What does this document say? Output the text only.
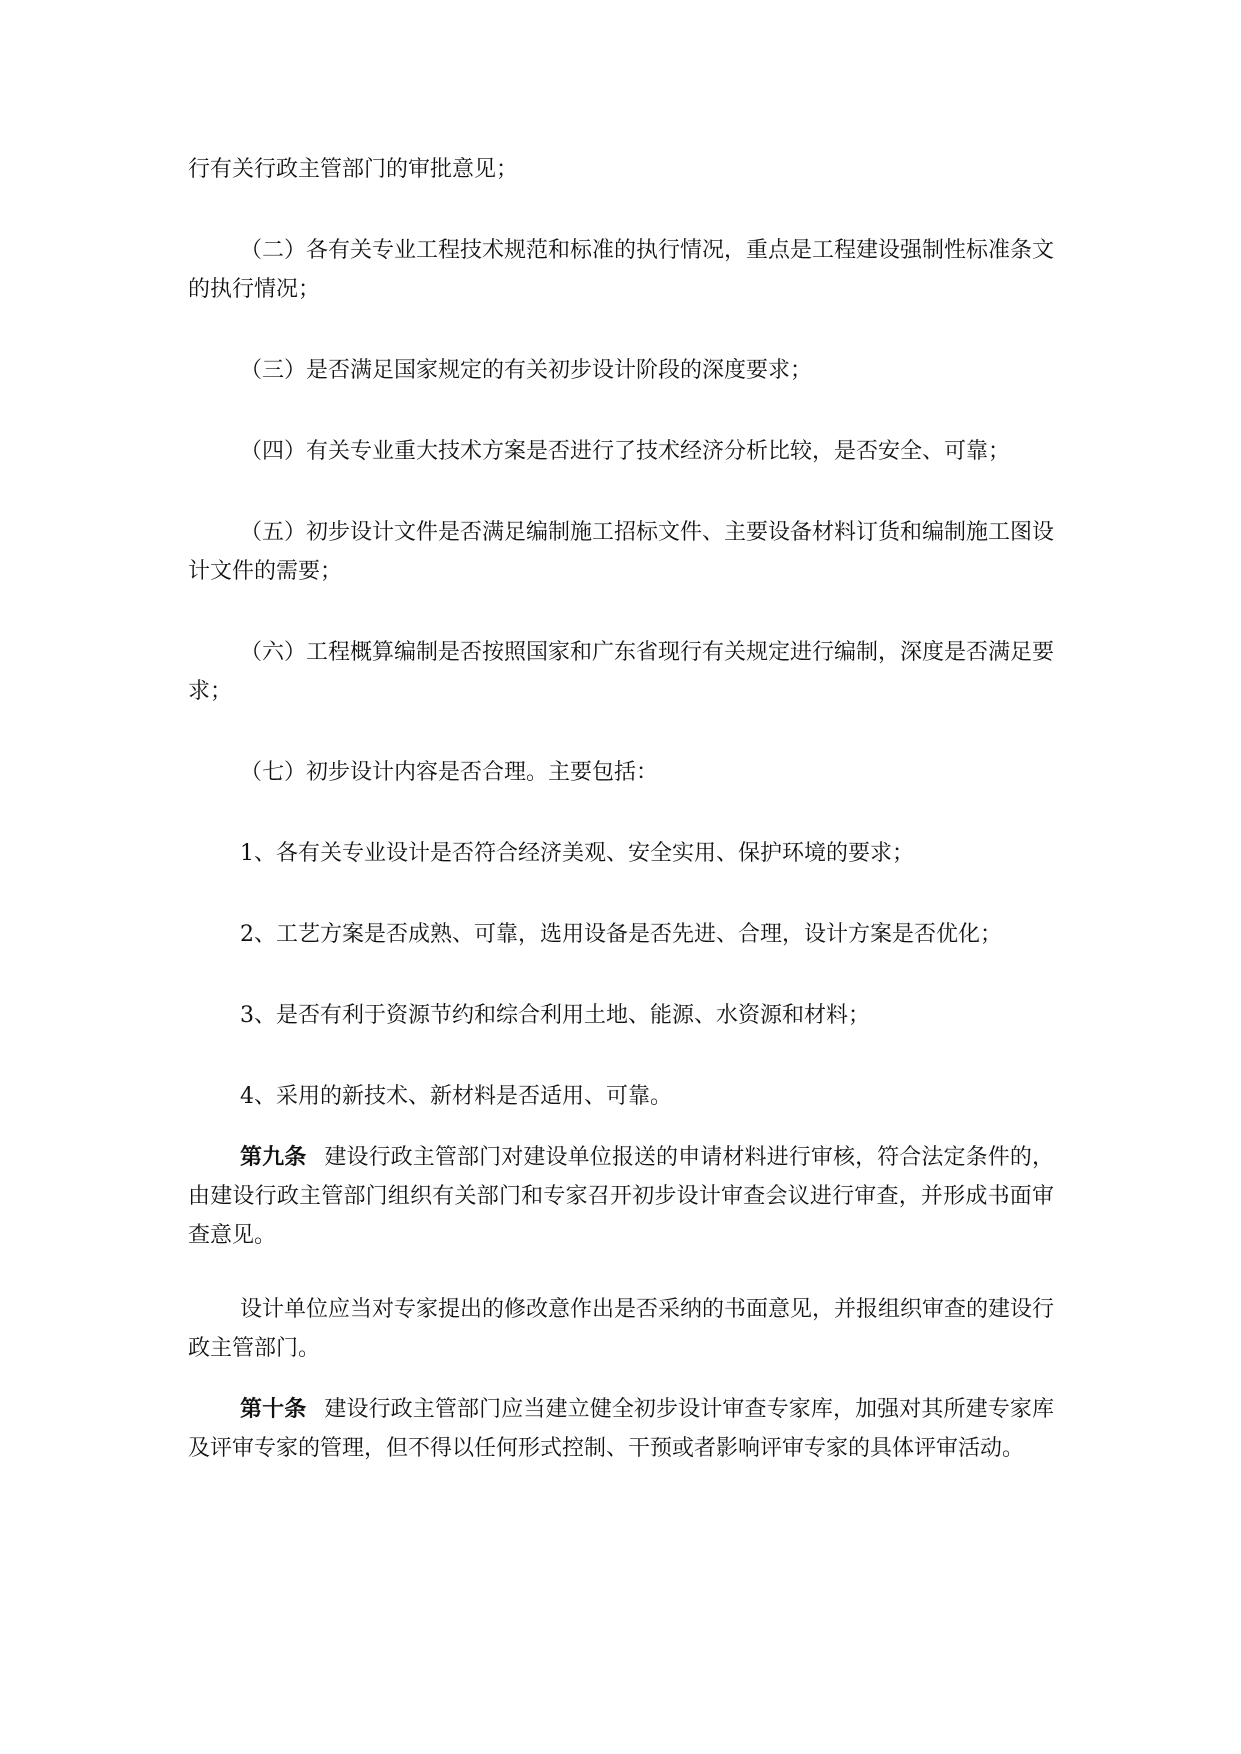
行有关行政主管部门的审批意见；

（二）各有关专业工程技术规范和标准的执行情况，重点是工程建设强制性标准条文的执行情况；

（三）是否满足国家规定的有关初步设计阶段的深度要求；

（四）有关专业重大技术方案是否进行了技术经济分析比较，是否安全、可靠；

（五）初步设计文件是否满足编制施工招标文件、主要设备材料订货和编制施工图设计文件的需要；

（六）工程概算编制是否按照国家和广东省现行有关规定进行编制，深度是否满足要求；

（七）初步设计内容是否合理。主要包括：

1、各有关专业设计是否符合经济美观、安全实用、保护环境的要求；

2、工艺方案是否成熟、可靠，选用设备是否先进、合理，设计方案是否优化；

3、是否有利于资源节约和综合利用土地、能源、水资源和材料；

4、采用的新技术、新材料是否适用、可靠。

第九条 建设行政主管部门对建设单位报送的申请材料进行审核，符合法定条件的，由建设行政主管部门组织有关部门和专家召开初步设计审查会议进行审查，并形成书面审查意见。

设计单位应当对专家提出的修改意作出是否采纳的书面意见，并报组织审查的建设行政主管部门。

第十条 建设行政主管部门应当建立健全初步设计审查专家库，加强对其所建专家库及评审专家的管理，但不得以任何形式控制、干预或者影响评审专家的具体评审活动。
